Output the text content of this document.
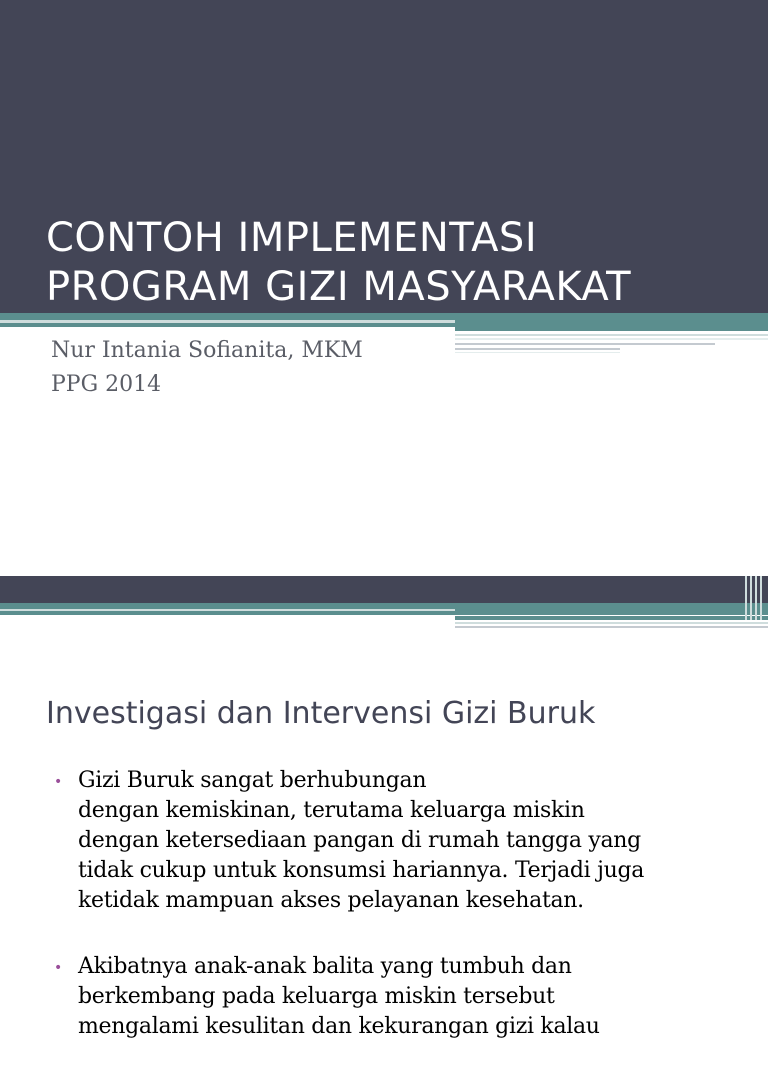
CONTOH IMPLEMENTASI
PROGRAM GIZI MASYARAKAT
Nur Intania Sofianita, MKM
PPG 2014
Investigasi dan Intervensi Gizi Buruk
• Gizi Buruk sangat berhubungan
dengan kemiskinan, terutama keluarga miskin
dengan ketersediaan pangan di rumah tangga yang
tidak cukup untuk konsumsi hariannya. Terjadi juga
ketidak mampuan akses pelayanan kesehatan.
• Akibatnya anak-anak balita yang tumbuh dan
berkembang pada keluarga miskin tersebut
mengalami kesulitan dan kekurangan gizi kalau
